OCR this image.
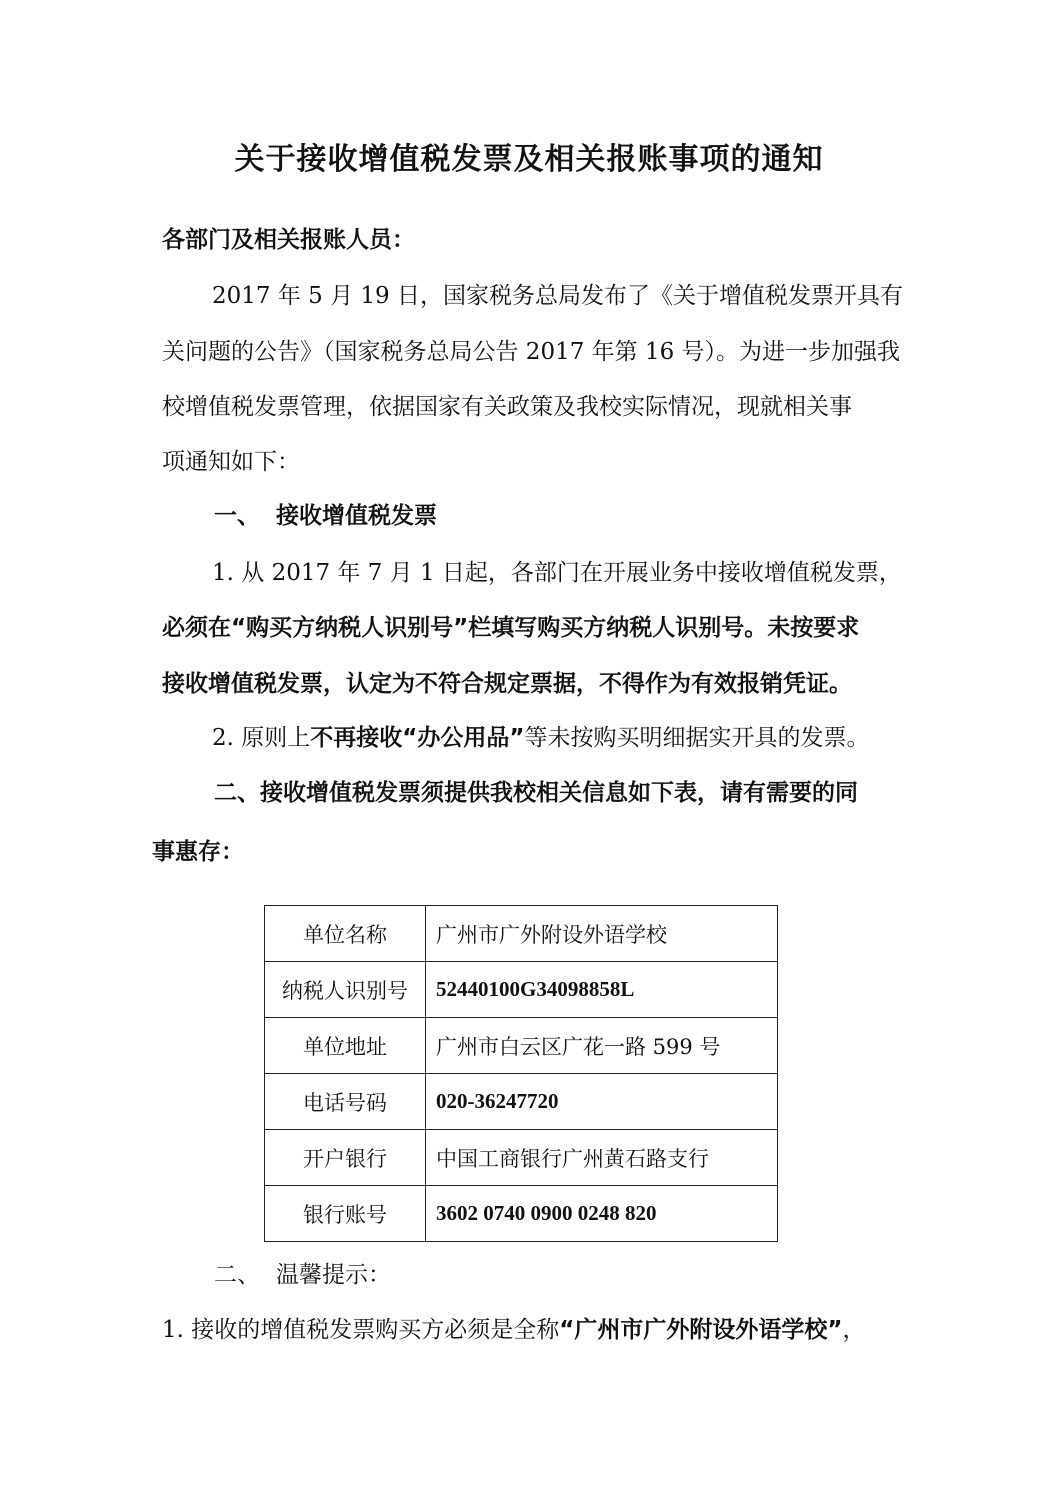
关于接收增值税发票及相关报账事项的通知
各部门及相关报账人员：
2017 年 5 月 19 日，国家税务总局发布了《关于增值税发票开具有
关问题的公告》（国家税务总局公告 2017 年第 16 号）。为进一步加强我
校增值税发票管理，依据国家有关政策及我校实际情况，现就相关事
项通知如下：
一、 接收增值税发票
1. 从 2017 年 7 月 1 日起，各部门在开展业务中接收增值税发票，
必须在“购买方纳税人识别号”栏填写购买方纳税人识别号。未按要求
接收增值税发票，认定为不符合规定票据，不得作为有效报销凭证。
2. 原则上不再接收“办公用品”等未按购买明细据实开具的发票。
二、接收增值税发票须提供我校相关信息如下表，请有需要的同
事惠存：
单位名称	广州市广外附设外语学校
纳税人识别号	52440100G34098858L
单位地址	广州市白云区广花一路 599 号
电话号码	020-36247720
开户银行	中国工商银行广州黄石路支行
银行账号	3602 0740 0900 0248 820
二、 温馨提示：
1. 接收的增值税发票购买方必须是全称“广州市广外附设外语学校”，
